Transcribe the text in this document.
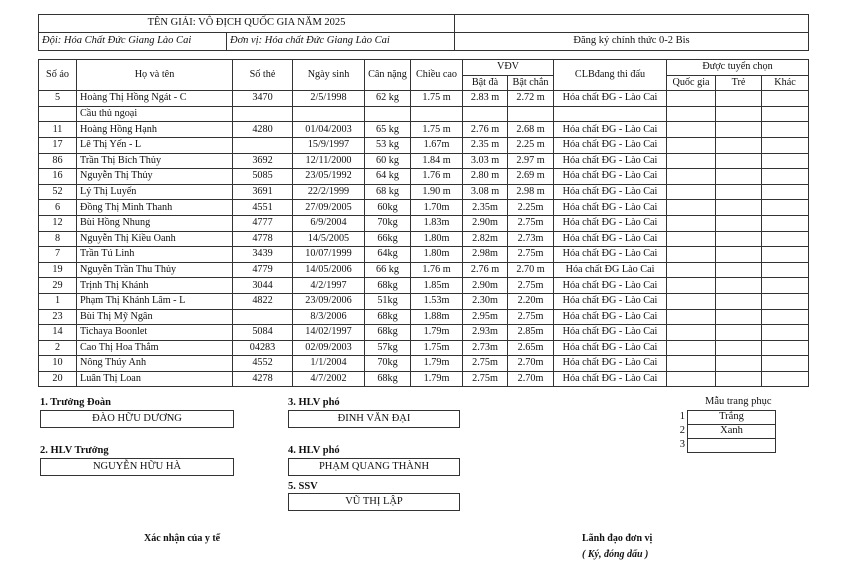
TÊN GIẢI: VÔ ĐỊCH QUỐC GIA NĂM 2025		
Đội: Hóa Chất Đức Giang Lào Cai	Đơn vị: Hóa chất Đức Giang Lào Cai	Đăng ký chính thức 0-2 Bis
Số áo	Họ và tên	Số thẻ	Ngày sinh	Cân nặng	Chiều cao	VĐV		CLBđang thi đấu	Được tuyển chọn		
						Bật đà	Bật chắn		Quốc gia	Trẻ	Khác
5	Hoàng Thị Hồng Ngát - C	3470	2/5/1998	62 kg	1.75 m	2.83 m	2.72 m	Hóa chất ĐG - Lào Cai			
	Cầu thủ ngoại										
11	Hoàng Hồng Hạnh	4280	01/04/2003	65 kg	1.75 m	2.76 m	2.68 m	Hóa chất ĐG - Lào Cai			
17	Lê Thị Yến - L		15/9/1997	53 kg	1.67m	2.35 m	2.25 m	Hóa chất ĐG - Lào Cai			
86	Trần Thị Bích Thủy	3692	12/11/2000	60 kg	1.84 m	3.03 m	2.97 m	Hóa chất ĐG - Lào Cai			
16	Nguyễn Thị Thủy	5085	23/05/1992	64 kg	1.76 m	2.80 m	2.69 m	Hóa chất ĐG - Lào Cai			
52	Lý Thị Luyến	3691	22/2/1999	68 kg	1.90 m	3.08 m	2.98 m	Hóa chất ĐG - Lào Cai			
6	Đồng Thị Minh Thanh	4551	27/09/2005	60kg	1.70m	2.35m	2.25m	Hóa chất ĐG - Lào Cai			
12	Bùi Hồng Nhung	4777	6/9/2004	70kg	1.83m	2.90m	2.75m	Hóa chất ĐG - Lào Cai			
8	Nguyễn Thị Kiều Oanh	4778	14/5/2005	66kg	1.80m	2.82m	2.73m	Hóa chất ĐG - Lào Cai			
7	Trần Tú Linh	3439	10/07/1999	64kg	1.80m	2.98m	2.75m	Hóa chất ĐG - Lào Cai			
19	Nguyễn Trần Thu Thủy	4779	14/05/2006	66 kg	1.76 m	2.76 m	2.70 m	Hóa chất ĐG Lào Cai			
29	Trịnh Thị Khánh	3044	4/2/1997	68kg	1.85m	2.90m	2.75m	Hóa chất ĐG - Lào Cai			
1	Phạm Thị Khánh Lâm - L	4822	23/09/2006	51kg	1.53m	2.30m	2.20m	Hóa chất ĐG - Lào Cai			
23	Bùi Thị Mỹ Ngân		8/3/2006	68kg	1.88m	2.95m	2.75m	Hóa chất ĐG - Lào Cai			
14	Tichaya Boonlet	5084	14/02/1997	68kg	1.79m	2.93m	2.85m	Hóa chất ĐG - Lào Cai			
2	Cao Thị Hoa Thắm	04283	02/09/2003	57kg	1.75m	2.73m	2.65m	Hóa chất ĐG - Lào Cai			
10	Nông Thúy Anh	4552	1/1/2004	70kg	1.79m	2.75m	2.70m	Hóa chất ĐG - Lào Cai			
20	Luân Thị Loan	4278	4/7/2002	68kg	1.79m	2.75m	2.70m	Hóa chất ĐG - Lào Cai			
1. Trưởng Đoàn
ĐÀO HỮU DƯƠNG
3. HLV phó
ĐINH VĂN ĐẠI
2. HLV Trưởng
NGUYỄN HỮU HÀ
4. HLV phó
PHẠM QUANG THÀNH
5. SSV
VŨ THỊ LẬP
Mẫu trang phục
1	Trắng
2	Xanh
3	
Xác nhận của y tế	Lãnh đạo đơn vị
( Ký, đóng dấu )
